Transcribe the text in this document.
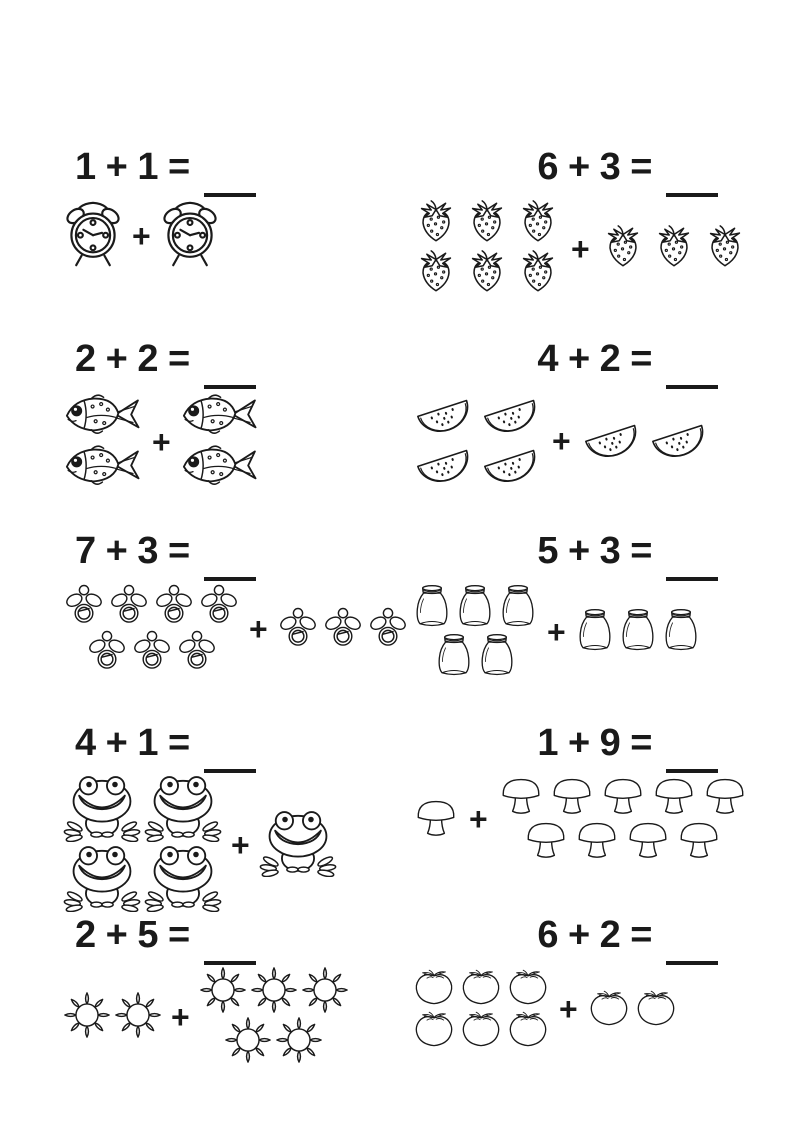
1 + 1 =
+
6 + 3 =
+
2 + 2 =
+
4 + 2 =
+
7 + 3 =
+
5 + 3 =
+
4 + 1 =
+
1 + 9 =
+
2 + 5 =
+
6 + 2 =
+
